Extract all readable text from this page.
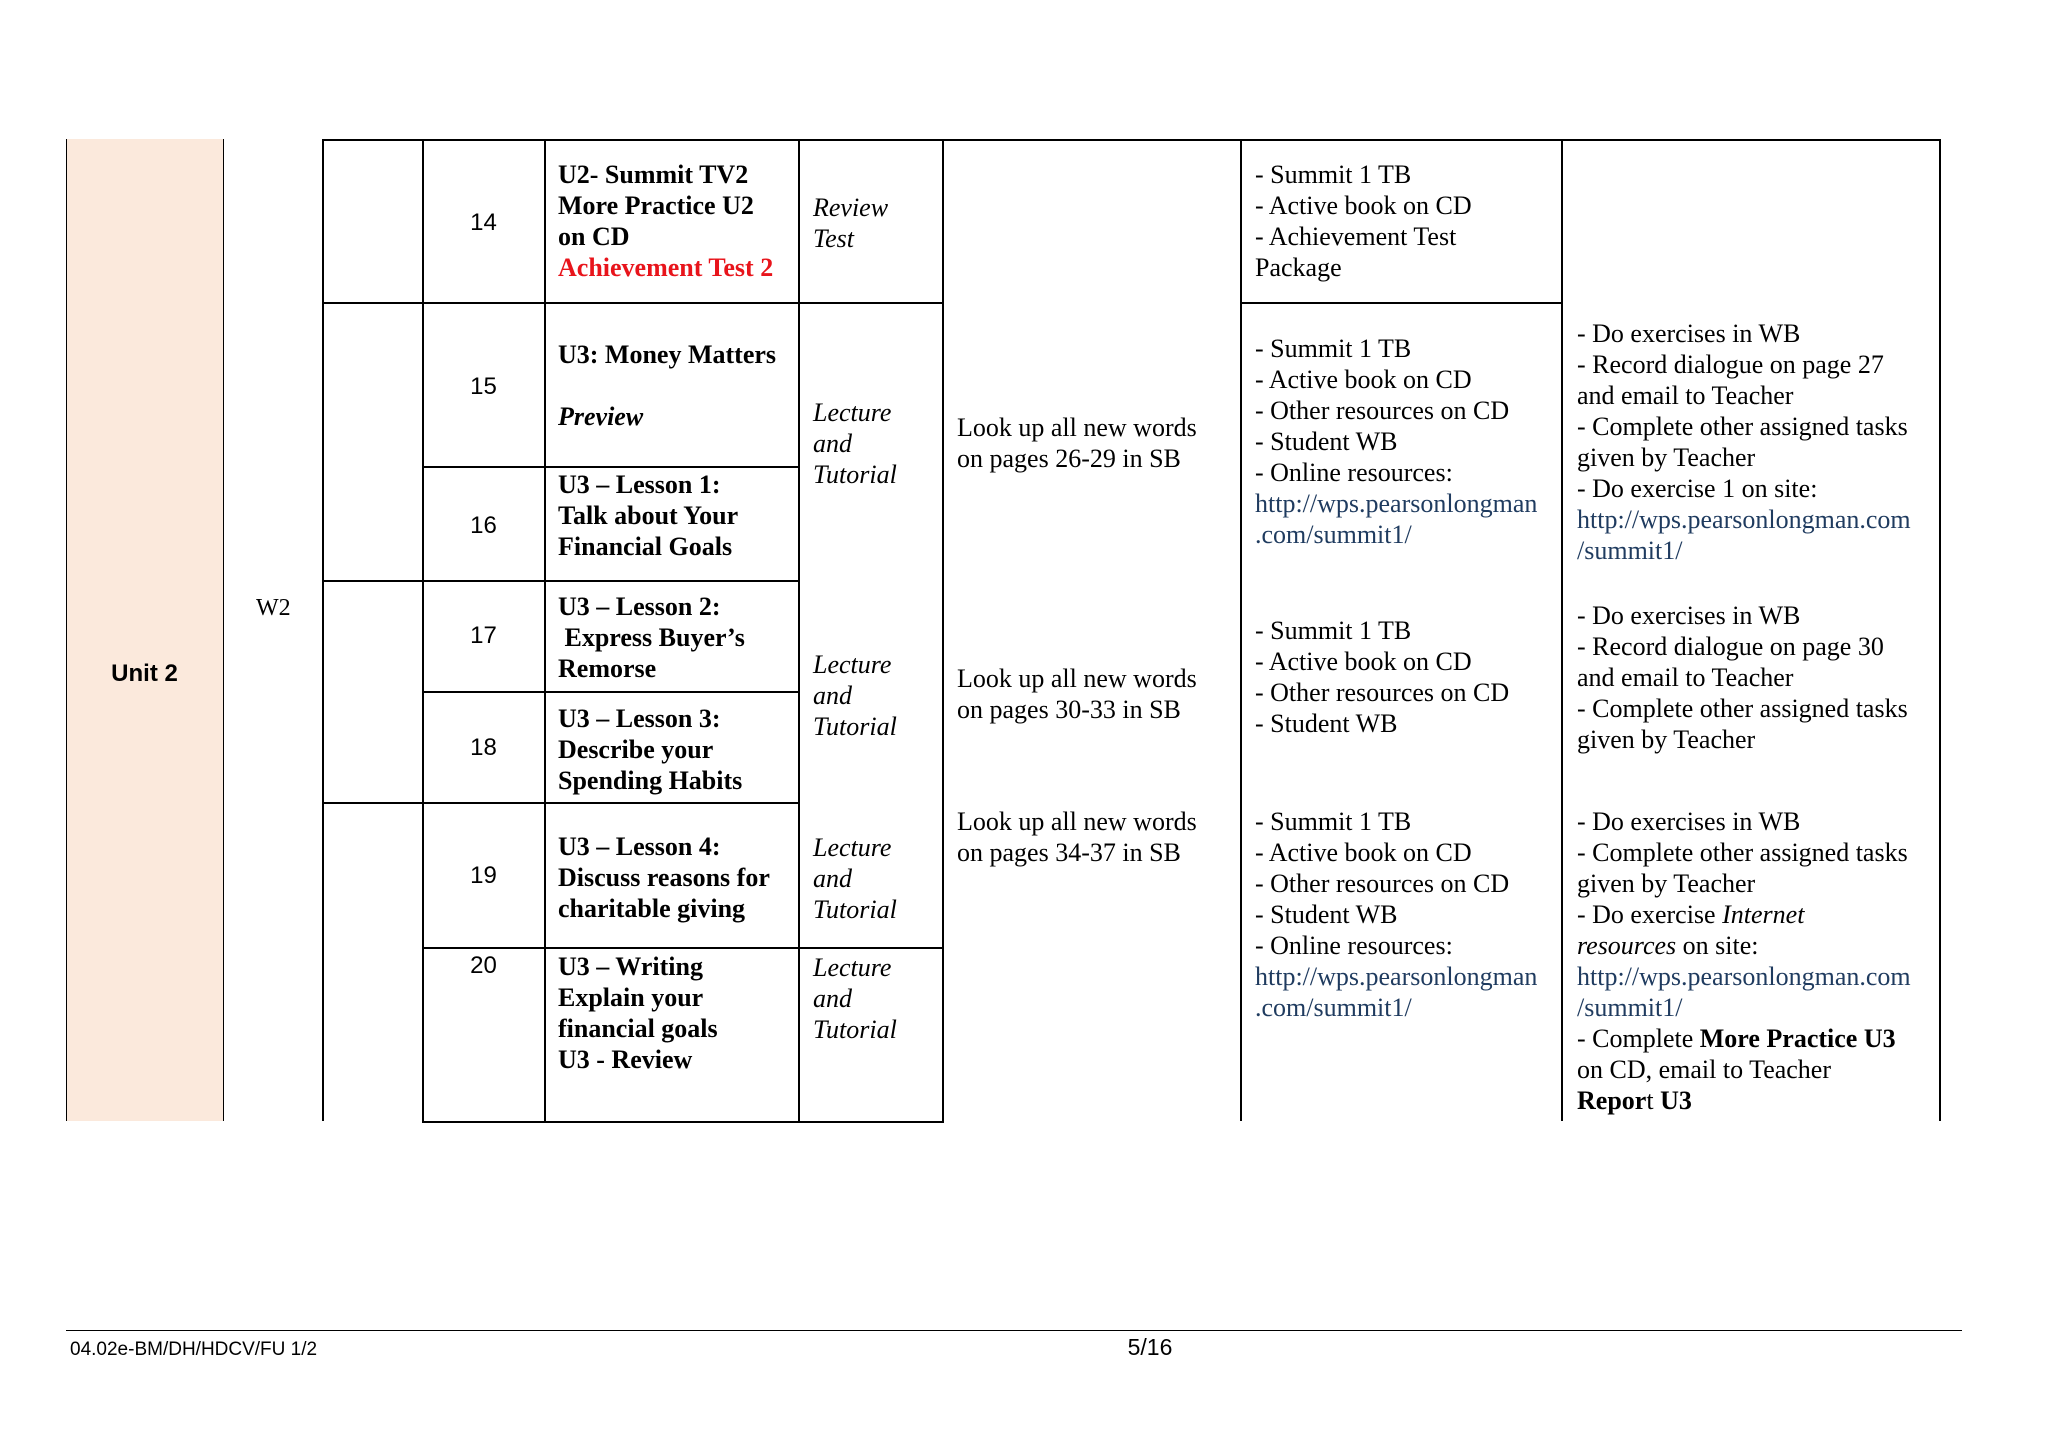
Unit 2
W2
14
15
16
17
18
19
20
U2- Summit TV2
More Practice U2
on CD
Achievement Test 2
U3: Money Matters
Preview
U3 – Lesson 1:
Talk about Your
Financial Goals
U3 – Lesson 2:
Express Buyer’s
Remorse
U3 – Lesson 3:
Describe your
Spending Habits
U3 – Lesson 4:
Discuss reasons for
charitable giving
U3 – Writing
Explain your
financial goals
U3 - Review
Review
Test
Lecture
and
Tutorial
Lecture
and
Tutorial
Lecture
and
Tutorial
Lecture
and
Tutorial
Look up all new words
on pages 26-29 in SB
Look up all new words
on pages 30-33 in SB
Look up all new words
on pages 34-37 in SB
- Summit 1 TB
- Active book on CD
- Achievement Test
Package
- Summit 1 TB
- Active book on CD
- Other resources on CD
- Student WB
- Online resources:
http://wps.pearsonlongman
.com/summit1/
- Summit 1 TB
- Active book on CD
- Other resources on CD
- Student WB
- Summit 1 TB
- Active book on CD
- Other resources on CD
- Student WB
- Online resources:
http://wps.pearsonlongman
.com/summit1/
- Do exercises in WB
- Record dialogue on page 27
and email to Teacher
- Complete other assigned tasks
given by Teacher
- Do exercise 1 on site:
http://wps.pearsonlongman.com
/summit1/
- Do exercises in WB
- Record dialogue on page 30
and email to Teacher
- Complete other assigned tasks
given by Teacher
- Do exercises in WB
- Complete other assigned tasks
given by Teacher
- Do exercise Internet
resources on site:
http://wps.pearsonlongman.com
/summit1/
- Complete More Practice U3
on CD, email to Teacher
Report U3
04.02e-BM/DH/HDCV/FU 1/2	5/16
